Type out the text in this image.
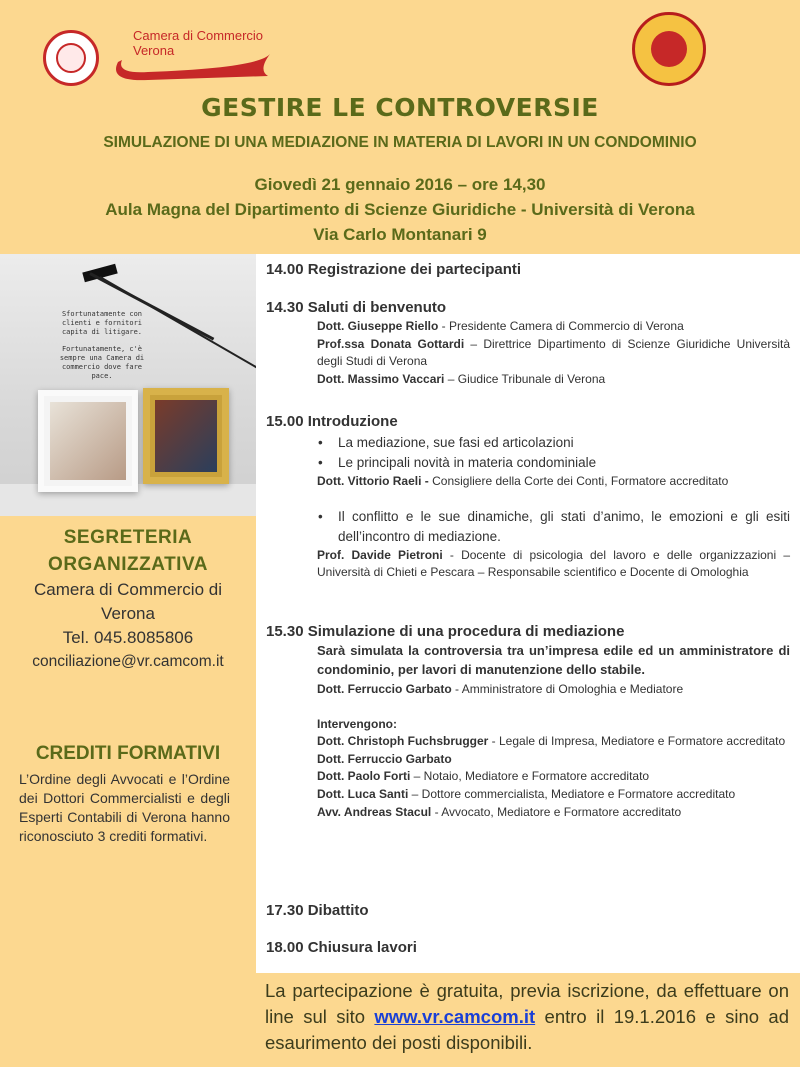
Camera di Commercio
Verona
GESTIRE LE CONTROVERSIE
SIMULAZIONE DI UNA MEDIAZIONE IN MATERIA DI LAVORI IN UN CONDOMINIO
Giovedì 21 gennaio 2016 – ore 14,30
Aula Magna del Dipartimento di Scienze Giuridiche - Università di Verona
Via Carlo Montanari 9
Sfortunatamente con clienti e fornitori capita di litigare.
Fortunatamente, c'è sempre una Camera di commercio dove fare pace.
SEGRETERIA
ORGANIZZATIVA
Camera di Commercio di
Verona
Tel. 045.8085806
conciliazione@vr.camcom.it
CREDITI FORMATIVI
L’Ordine degli Avvocati e l’Ordine dei Dottori Commercialisti e degli Esperti Contabili di Verona hanno riconosciuto 3 crediti formativi.
14.00 Registrazione dei partecipanti
14.30 Saluti di benvenuto
Dott. Giuseppe Riello - Presidente Camera di Commercio di Verona
Prof.ssa Donata Gottardi – Direttrice Dipartimento di Scienze Giuridiche Università degli Studi di Verona
Dott. Massimo Vaccari – Giudice Tribunale di Verona
15.00 Introduzione
• La mediazione, sue fasi ed articolazioni
• Le principali novità in materia condominiale
Dott. Vittorio Raeli - Consigliere della Corte dei Conti, Formatore accreditato
• Il conflitto e le sue dinamiche, gli stati d’animo, le emozioni e gli esiti dell’incontro di mediazione.
Prof. Davide Pietroni - Docente di psicologia del lavoro e delle organizzazioni – Università di Chieti e Pescara – Responsabile scientifico e Docente di Omologhia
15.30 Simulazione di una procedura di mediazione
Sarà simulata la controversia tra un’impresa edile ed un amministratore di condominio, per lavori di manutenzione dello stabile.
Dott. Ferruccio Garbato - Amministratore di Omologhia e Mediatore
Intervengono:
Dott. Christoph Fuchsbrugger - Legale di Impresa, Mediatore e Formatore accreditato
Dott. Ferruccio Garbato
Dott. Paolo Forti – Notaio, Mediatore e Formatore accreditato
Dott. Luca Santi – Dottore commercialista, Mediatore e Formatore accreditato
Avv. Andreas Stacul - Avvocato, Mediatore e Formatore accreditato
17.30 Dibattito
18.00 Chiusura lavori
La partecipazione è gratuita, previa iscrizione, da effettuare on line sul sito www.vr.camcom.it entro il 19.1.2016 e sino ad esaurimento dei posti disponibili.
